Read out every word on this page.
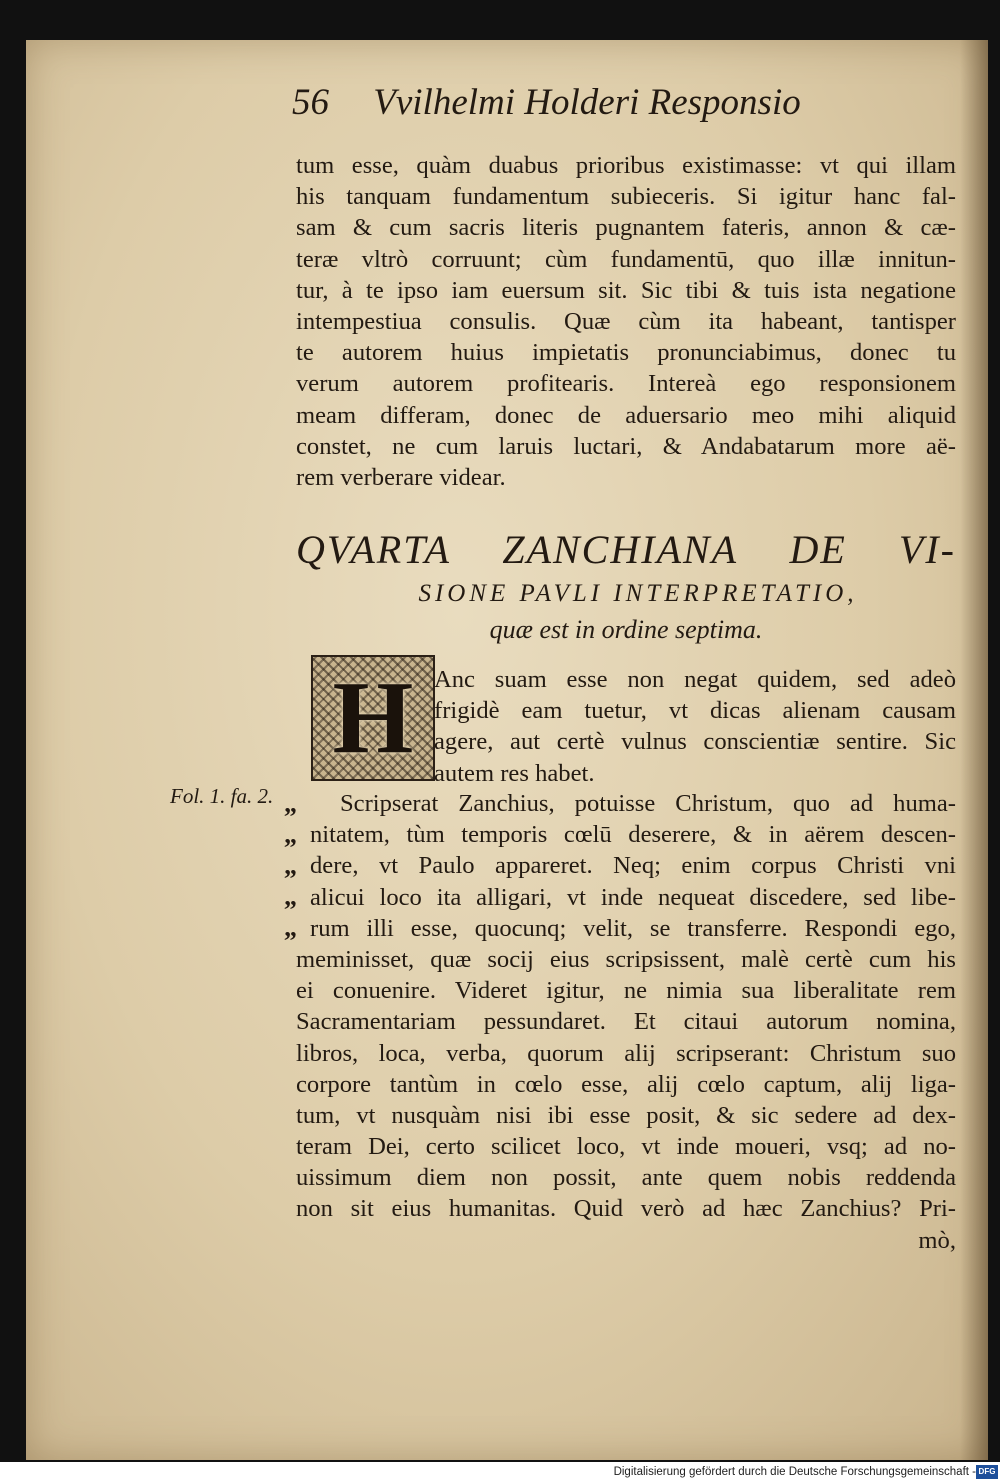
56 Vvilhelmi Holderi Responsio
tum esse, quàm duabus prioribus existimasse: vt qui illam
his tanquam fundamentum subieceris. Si igitur hanc fal-
sam & cum sacris literis pugnantem fateris, annon & cæ-
teræ vltrò corruunt; cùm fundamentū, quo illæ innitun-
tur, à te ipso iam euersum sit. Sic tibi & tuis ista negatione
intempestiua consulis. Quæ cùm ita habeant, tantisper
te autorem huius impietatis pronunciabimus, donec tu
verum autorem profitearis. Intereà ego responsionem
meam differam, donec de aduersario meo mihi aliquid
constet, ne cum laruis luctari, & Andabatarum more aë-
rem verberare videar.
QVARTA ZANCHIANA DE VI-
SIONE PAVLI INTERPRETATIO,
quæ est in ordine septima.
H Anc suam esse non negat quidem, sed adeò
frigidè eam tuetur, vt dicas alienam causam
agere, aut certè vulnus conscientiæ sentire. Sic
autem res habet.
Fol. 1. fa. 2. „
„
„
„
„
Scripserat Zanchius, potuisse Christum, quo ad huma-
nitatem, tùm temporis cœlū deserere, & in aërem descen-
dere, vt Paulo appareret. Neq; enim corpus Christi vni
alicui loco ita alligari, vt inde nequeat discedere, sed libe-
rum illi esse, quocunq; velit, se transferre. Respondi ego,
meminisset, quæ socij eius scripsissent, malè certè cum his
ei conuenire. Videret igitur, ne nimia sua liberalitate rem
Sacramentariam pessundaret. Et citaui autorum nomina,
libros, loca, verba, quorum alij scripserant: Christum suo
corpore tantùm in cœlo esse, alij cœlo captum, alij liga-
tum, vt nusquàm nisi ibi esse posit, & sic sedere ad dex-
teram Dei, certo scilicet loco, vt inde moueri, vsq; ad no-
uissimum diem non possit, ante quem nobis reddenda
non sit eius humanitas. Quid verò ad hæc Zanchius? Pri-
mò,
Digitalisierung gefördert durch die Deutsche Forschungsgemeinschaft - DFG
